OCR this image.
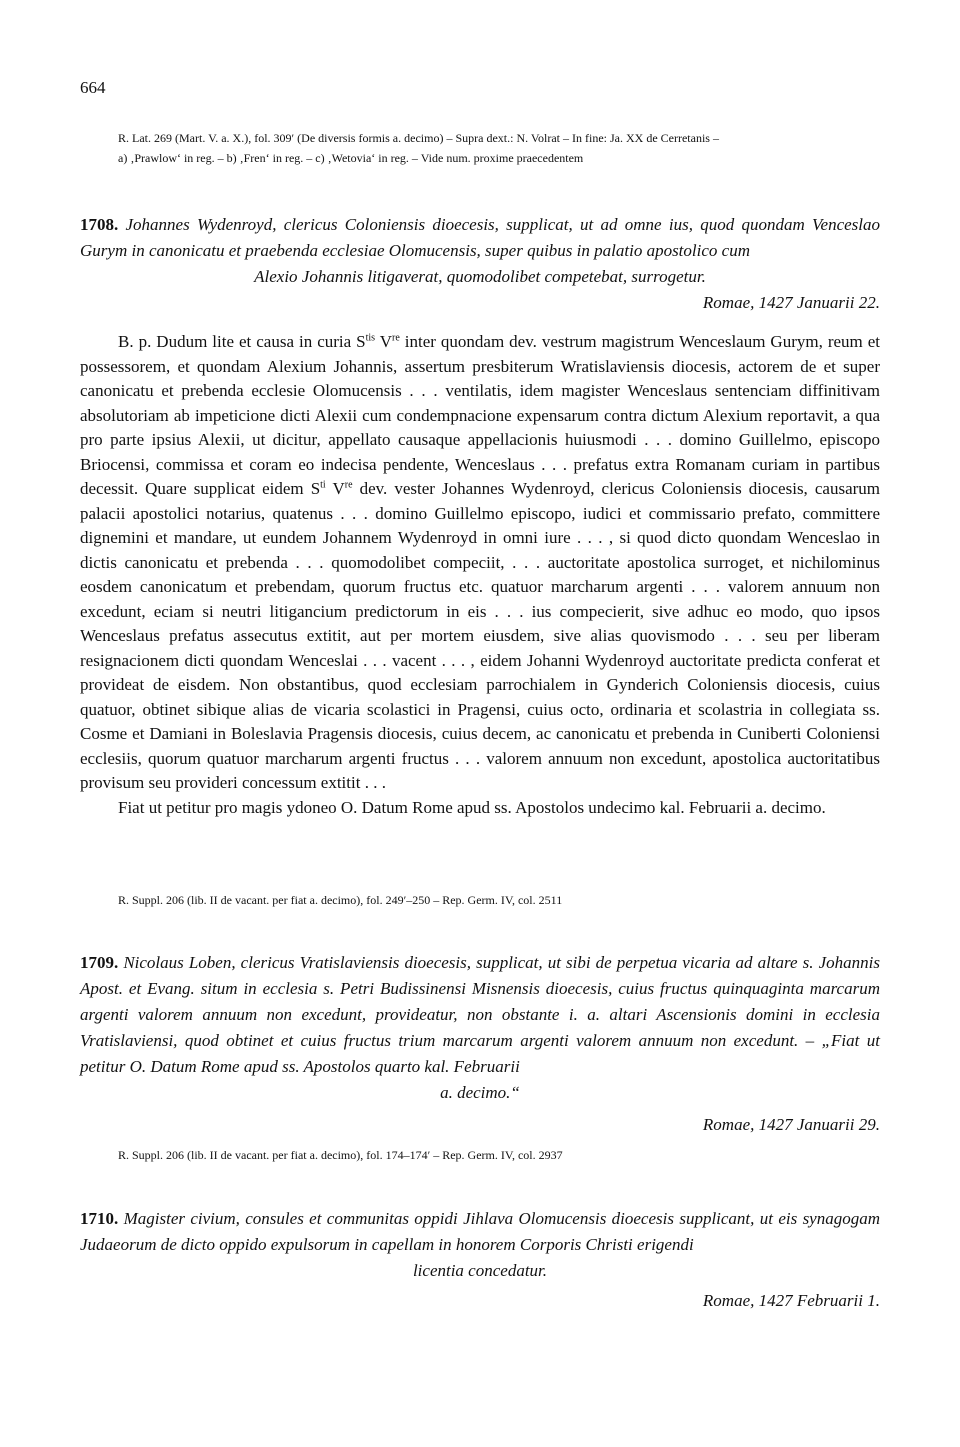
664
R. Lat. 269 (Mart. V. a. X.), fol. 309′ (De diversis formis a. decimo) – Supra dext.: N. Volrat – In fine: Ja. XX de Cerretanis –
a) ‚Prawlow‘ in reg. – b) ‚Fren‘ in reg. – c) ‚Wetovia‘ in reg. – Vide num. proxime praecedentem

1708. Johannes Wydenroyd, clericus Coloniensis dioecesis, supplicat, ut ad omne ius, quod quondam Venceslao Gurym in canonicatu et praebenda ecclesiae Olomucensis, super quibus in palatio apostolico cum
Alexio Johannis litigaverat, quomodolibet competebat, surrogetur.

Romae, 1427 Januarii 22.

B. p. Dudum lite et causa in curia $S^{tis}$ Vre inter quondam dev. vestrum magistrum Wenceslaum Gurym, reum et possessorem, et quondam Alexium Johannis, assertum presbiterum Wratislaviensis diocesis, actorem de et super canonicatu et prebenda ecclesie Olomucensis . . . ventilatis, idem magister Wenceslaus sentenciam diffinitivam absolutoriam ab impeticione dicti Alexii cum condempnacione expensarum contra dictum Alexium reportavit, a qua pro parte ipsius Alexii, ut dicitur, appellato causaque appellacionis huiusmodi . . . domino Guillelmo, episcopo Briocensi, commissa et coram eo indecisa pendente, Wenceslaus . . . prefatus extra Romanam curiam in partibus decessit. Quare supplicat eidem $S^{ti}$ Vre dev. vester Johannes Wydenroyd, clericus Coloniensis diocesis, causarum palacii apostolici notarius, quatenus . . . domino Guillelmo episcopo, iudici et commissario prefato, committere dignemini et mandare, ut eundem Johannem Wydenroyd in omni iure . . . , si quod dicto quondam Wenceslao in dictis canonicatu et prebenda . . . quomodolibet compeciit, . . . auctoritate apostolica surroget, et nichilominus eosdem canonicatum et prebendam, quorum fructus etc. quatuor marcharum argenti . . . valorem annuum non excedunt, eciam si neutri litigancium predictorum in eis . . . ius compecierit, sive adhuc eo modo, quo ipsos Wenceslaus prefatus assecutus extitit, aut per mortem eiusdem, sive alias quovismodo . . . seu per liberam resignacionem dicti quondam Wenceslai . . . vacent . . . , eidem Johanni Wydenroyd auctoritate predicta conferat et provideat de eisdem. Non obstantibus, quod ecclesiam parrochialem in Gynderich Coloniensis diocesis, cuius quatuor, obtinet sibique alias de vicaria scolastici in Pragensi, cuius octo, ordinaria et scolastria in collegiata ss. Cosme et Damiani in Boleslavia Pragensis diocesis, cuius decem, ac canonicatu et prebenda in Cuniberti Coloniensi ecclesiis, quorum quatuor marcharum argenti fructus . . . valorem annuum non excedunt, apostolica auctoritatibus provisum seu provideri concessum extitit . . .

Fiat ut petitur pro magis ydoneo O. Datum Rome apud ss. Apostolos undecimo kal. Februarii a. decimo.

R. Suppl. 206 (lib. II de vacant. per fiat a. decimo), fol. 249′–250 – Rep. Germ. IV, col. 2511

1709. Nicolaus Loben, clericus Vratislaviensis dioecesis, supplicat, ut sibi de perpetua vicaria ad altare s. Johannis Apost. et Evang. situm in ecclesia s. Petri Budissinensi Misnensis dioecesis, cuius fructus quinquaginta marcarum argenti valorem annuum non excedunt, provideatur, non obstante i. a. altari Ascensionis domini in ecclesia Vratislaviensi, quod obtinet et cuius fructus trium marcarum argenti valorem annuum non excedunt. – „Fiat ut petitur O. Datum Rome apud ss. Apostolos quarto kal. Februarii
a. decimo.“

Romae, 1427 Januarii 29.

R. Suppl. 206 (lib. II de vacant. per fiat a. decimo), fol. 174–174′ – Rep. Germ. IV, col. 2937

1710. Magister civium, consules et communitas oppidi Jihlava Olomucensis dioecesis supplicant, ut eis synagogam Judaeorum de dicto oppido expulsorum in capellam in honorem Corporis Christi erigendi
licentia concedatur.

Romae, 1427 Februarii 1.
